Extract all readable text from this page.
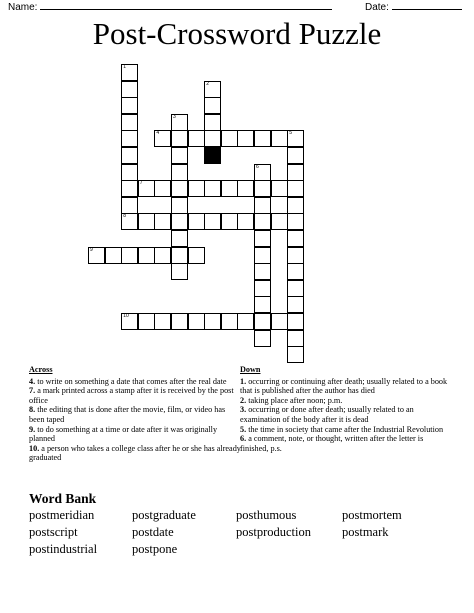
Name:	Date:
Post-Crossword Puzzle
1
8
2
3
4	5
6
7
9
10
Across

4. to write on something a date that comes after the real date

7. a mark printed across a stamp after it is received by the post office

8. the editing that is done after the movie, film, or video has been taped

9. to do something at a time or date after it was originally planned

10. a person who takes a college class after he or she has already graduated

Down

1. occurring or continuing after death; usually related to a book that is published after the author has died

2. taking place after noon; p.m.

3. occurring or done after death; usually related to an examination of the body after it is dead

5. the time in society that came after the Industrial Revolution

6. a comment, note, or thought, written after the letter is finished, p.s.

Word Bank
postmeridian	postgraduate	posthumous	postmortem
postscript	postdate	postproduction postmark
postindustrial	postpone
